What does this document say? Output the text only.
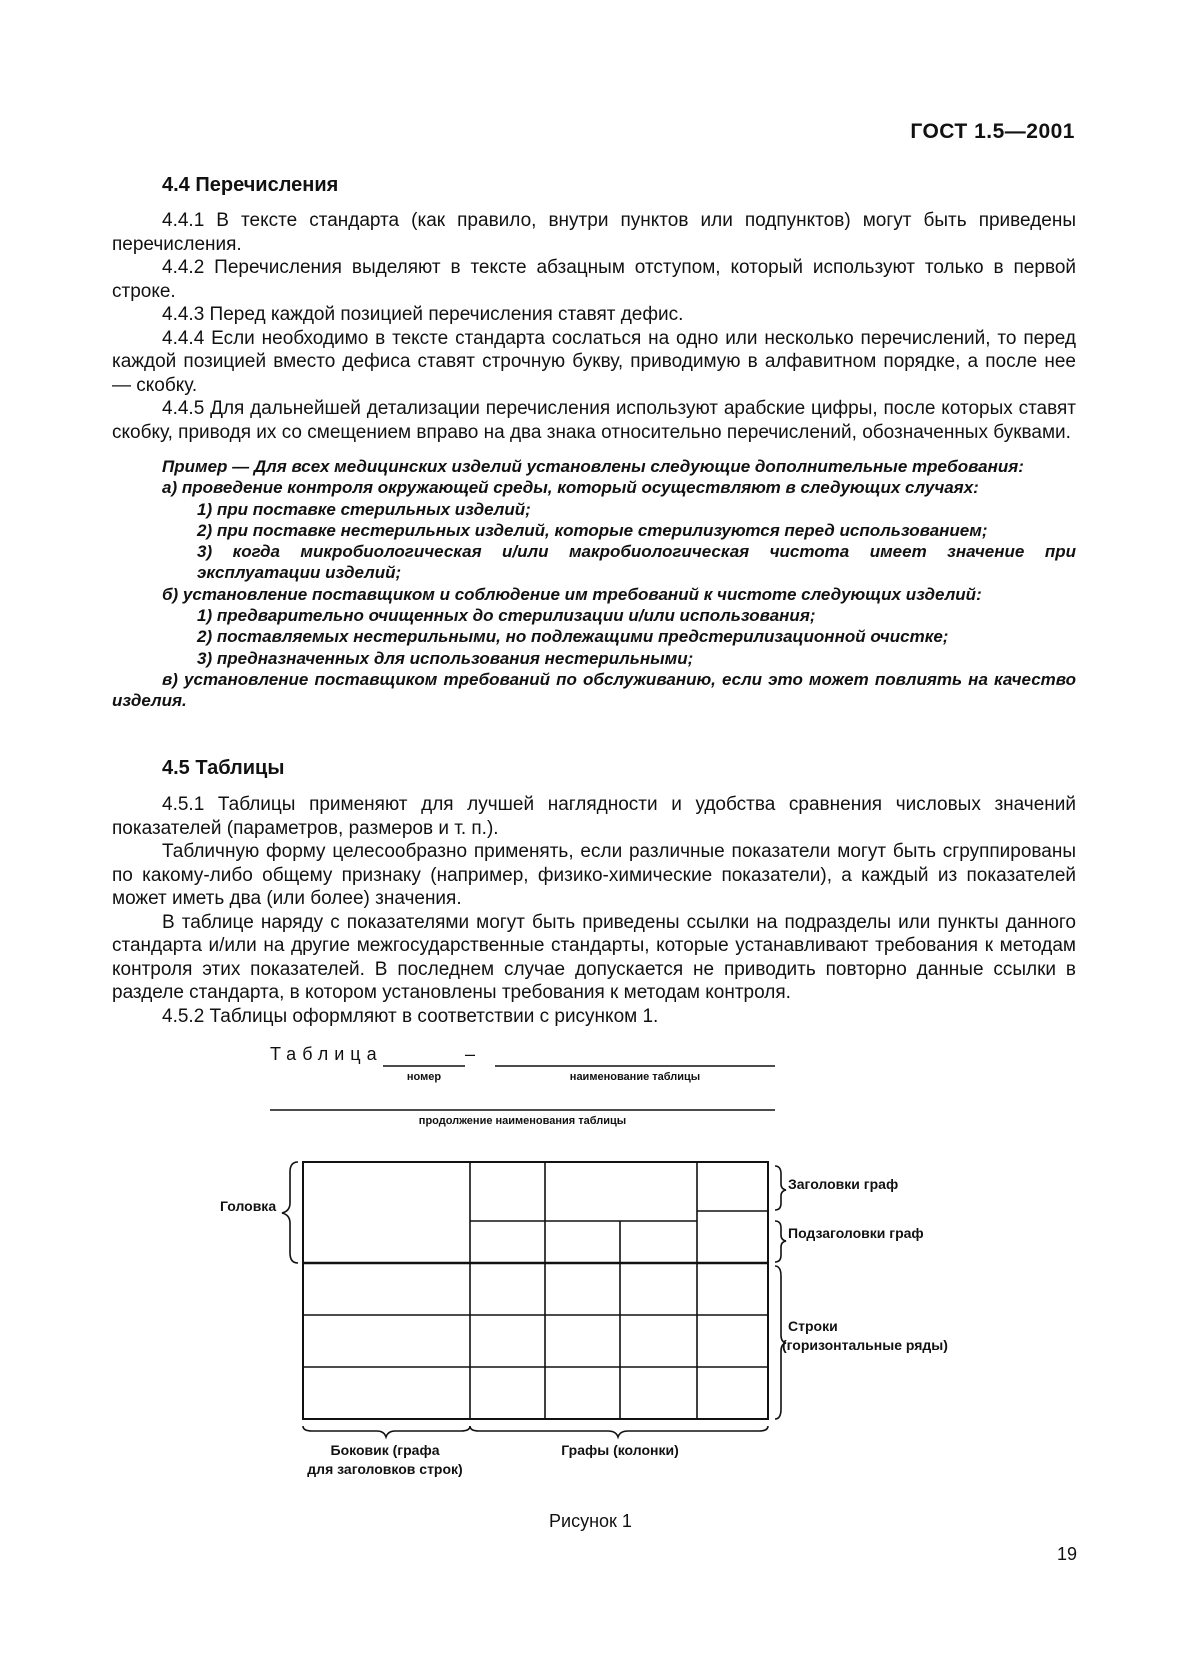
ГОСТ 1.5—2001
4.4 Перечисления

4.4.1 В тексте стандарта (как правило, внутри пунктов или подпунктов) могут быть приведены перечисления.

4.4.2 Перечисления выделяют в тексте абзацным отступом, который используют только в первой строке.

4.4.3 Перед каждой позицией перечисления ставят дефис.

4.4.4 Если необходимо в тексте стандарта сослаться на одно или несколько перечислений, то перед каждой позицией вместо дефиса ставят строчную букву, приводимую в алфавитном порядке, а после нее — скобку.

4.4.5 Для дальнейшей детализации перечисления используют арабские цифры, после которых ставят скобку, приводя их со смещением вправо на два знака относительно перечислений, обозначенных буквами.

Пример — Для всех медицинских изделий установлены следующие дополнительные требования:

а) проведение контроля окружающей среды, который осуществляют в следующих случаях:

1) при поставке стерильных изделий;

2) при поставке нестерильных изделий, которые стерилизуются перед использованием;

3) когда микробиологическая и/или макробиологическая чистота имеет значение при эксплуатации изделий;

б) установление поставщиком и соблюдение им требований к чистоте следующих изделий:

1) предварительно очищенных до стерилизации и/или использования;

2) поставляемых нестерильными, но подлежащими предстерилизационной очистке;

3) предназначенных для использования нестерильными;

в) установление поставщиком требований по обслуживанию, если это может повлиять на качество изделия.

4.5 Таблицы

4.5.1 Таблицы применяют для лучшей наглядности и удобства сравнения числовых значений показателей (параметров, размеров и т. п.).

Табличную форму целесообразно применять, если различные показатели могут быть сгруппированы по какому-либо общему признаку (например, физико-химические показатели), а каждый из показателей может иметь два (или более) значения.

В таблице наряду с показателями могут быть приведены ссылки на подразделы или пункты данного стандарта и/или на другие межгосударственные стандарты, которые устанавливают требования к методам контроля этих показателей. В последнем случае допускается не приводить повторно данные ссылки в разделе стандарта, в котором установлены требования к методам контроля.

4.5.2 Таблицы оформляют в соответствии с рисунком 1.

Таблица	–
номер	наименование таблицы
продолжение наименования таблицы
Головка
Заголовки граф
Подзаголовки граф
Строки
(горизонтальные ряды)
Боковик (графа
для заголовков строк)
Графы (колонки)
Рисунок 1
19
